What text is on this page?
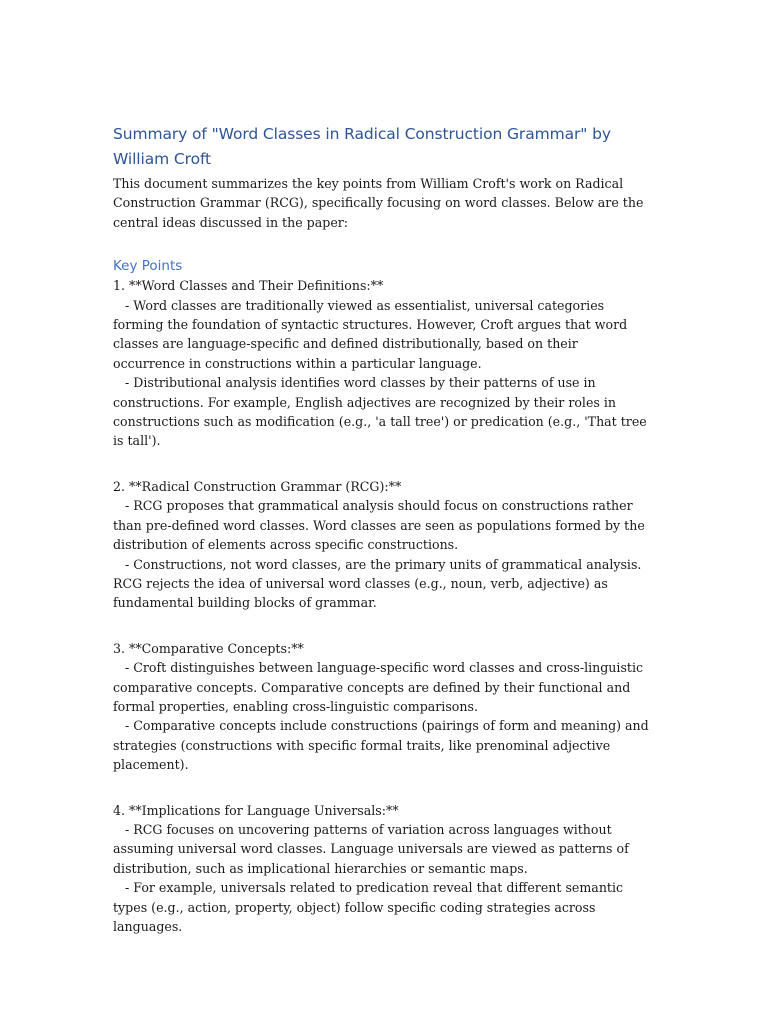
Summary of "Word Classes in Radical Construction Grammar" by William Croft

This document summarizes the key points from William Croft's work on Radical Construction Grammar (RCG), specifically focusing on word classes. Below are the central ideas discussed in the paper:

Key Points
1. **Word Classes and Their Definitions:**
- Word classes are traditionally viewed as essentialist, universal categories forming the foundation of syntactic structures. However, Croft argues that word classes are language-specific and defined distributionally, based on their occurrence in constructions within a particular language.
- Distributional analysis identifies word classes by their patterns of use in constructions. For example, English adjectives are recognized by their roles in constructions such as modification (e.g., 'a tall tree') or predication (e.g., 'That tree is tall').
2. **Radical Construction Grammar (RCG):**
- RCG proposes that grammatical analysis should focus on constructions rather than pre-defined word classes. Word classes are seen as populations formed by the distribution of elements across specific constructions.
- Constructions, not word classes, are the primary units of grammatical analysis. RCG rejects the idea of universal word classes (e.g., noun, verb, adjective) as fundamental building blocks of grammar.
3. **Comparative Concepts:**
- Croft distinguishes between language-specific word classes and cross-linguistic comparative concepts. Comparative concepts are defined by their functional and formal properties, enabling cross-linguistic comparisons.
- Comparative concepts include constructions (pairings of form and meaning) and strategies (constructions with specific formal traits, like prenominal adjective placement).
4. **Implications for Language Universals:**
- RCG focuses on uncovering patterns of variation across languages without assuming universal word classes. Language universals are viewed as patterns of distribution, such as implicational hierarchies or semantic maps.
- For example, universals related to predication reveal that different semantic types (e.g., action, property, object) follow specific coding strategies across languages.
